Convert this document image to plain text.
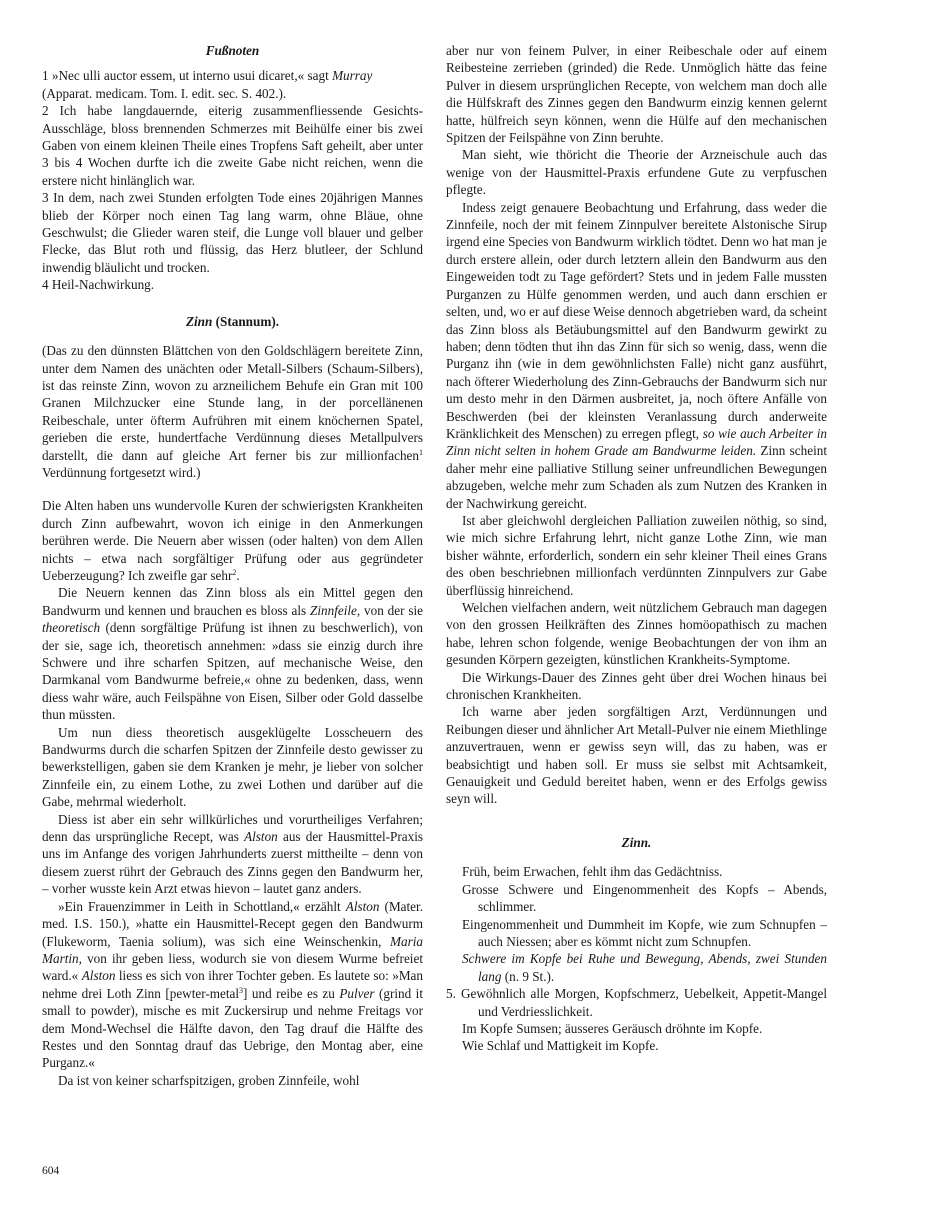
Fußnoten

1 »Nec ulli auctor essem, ut interno usui dicaret,« sagt Murray (Apparat. medicam. Tom. I. edit. sec. S. 402.).

2 Ich habe langdauernde, eiterig zusammenfliessende Gesichts-Ausschläge, bloss brennenden Schmerzes mit Beihülfe einer bis zwei Gaben von einem kleinen Theile eines Tropfens Saft geheilt, aber unter 3 bis 4 Wochen durfte ich die zweite Gabe nicht reichen, wenn die erstere nicht hinlänglich war.

3 In dem, nach zwei Stunden erfolgten Tode eines 20jährigen Mannes blieb der Körper noch einen Tag lang warm, ohne Bläue, ohne Geschwulst; die Glieder waren steif, die Lunge voll blauer und gelber Flecke, das Blut roth und flüssig, das Herz blutleer, der Schlund inwendig bläulicht und trocken.

4 Heil-Nachwirkung.

Zinn (Stannum).

(Das zu den dünnsten Blättchen von den Goldschlägern bereitete Zinn, unter dem Namen des unächten oder Metall-Silbers (Schaum-Silbers), ist das reinste Zinn, wovon zu arzneilichem Behufe ein Gran mit 100 Granen Milchzucker eine Stunde lang, in der porcellänenen Reibeschale, unter öfterm Aufrühren mit einem knöchernen Spatel, gerieben die erste, hundertfache Verdünnung dieses Metallpulvers darstellt, die dann auf gleiche Art ferner bis zur millionfachen$^1$ Verdünnung fortgesetzt wird.)

Die Alten haben uns wundervolle Kuren der schwierigsten Krankheiten durch Zinn aufbewahrt, wovon ich einige in den Anmerkungen berühren werde. Die Neuern aber wissen (oder halten) von dem Allen nichts – etwa nach sorgfältiger Prüfung oder aus gegründeter Ueberzeugung? Ich zweifle gar sehr$^2$.

Die Neuern kennen das Zinn bloss als ein Mittel gegen den Bandwurm und kennen und brauchen es bloss als Zinnfeile, von der sie theoretisch (denn sorgfältige Prüfung ist ihnen zu beschwerlich), von der sie, sage ich, theoretisch annehmen: »dass sie einzig durch ihre Schwere und ihre scharfen Spitzen, auf mechanische Weise, den Darmkanal vom Bandwurme befreie,« ohne zu bedenken, dass, wenn diess wahr wäre, auch Feilspähne von Eisen, Silber oder Gold dasselbe thun müssten.

Um nun diess theoretisch ausgeklügelte Losscheuern des Bandwurms durch die scharfen Spitzen der Zinnfeile desto gewisser zu bewerkstelligen, gaben sie dem Kranken je mehr, je lieber von solcher Zinnfeile ein, zu einem Lothe, zu zwei Lothen und darüber auf die Gabe, mehrmal wiederholt.

Diess ist aber ein sehr willkürliches und vorurtheiliges Verfahren; denn das ursprüngliche Recept, was Alston aus der Hausmittel-Praxis uns im Anfange des vorigen Jahrhunderts zuerst mittheilte – denn von diesem zuerst rührt der Gebrauch des Zinns gegen den Bandwurm her, – vorher wusste kein Arzt etwas hievon – lautet ganz anders.

»Ein Frauenzimmer in Leith in Schottland,« erzählt Alston (Mater. med. I.S. 150.), »hatte ein Hausmittel-Recept gegen den Bandwurm (Flukeworm, Taenia solium), was sich eine Weinschenkin, Maria Martin, von ihr geben liess, wodurch sie von diesem Wurme befreiet ward.« Alston liess es sich von ihrer Tochter geben. Es lautete so: »Man nehme drei Loth Zinn [pewter-metal$^3$] und reibe es zu Pulver (grind it small to powder), mische es mit Zuckersirup und nehme Freitags vor dem Mond-Wechsel die Hälfte davon, den Tag drauf die Hälfte des Restes und den Sonntag drauf das Uebrige, den Montag aber, eine Purganz.«

Da ist von keiner scharfspitzigen, groben Zinnfeile, wohl

aber nur von feinem Pulver, in einer Reibeschale oder auf einem Reibesteine zerrieben (grinded) die Rede. Unmöglich hätte das feine Pulver in diesem ursprünglichen Recepte, von welchem man doch alle die Hülfskraft des Zinnes gegen den Bandwurm einzig kennen gelernt hatte, hülfreich seyn können, wenn die Hülfe auf den mechanischen Spitzen der Feilspähne von Zinn beruhte.

Man sieht, wie thöricht die Theorie der Arzneischule auch das wenige von der Hausmittel-Praxis erfundene Gute zu verpfuschen pflegte.

Indess zeigt genauere Beobachtung und Erfahrung, dass weder die Zinnfeile, noch der mit feinem Zinnpulver bereitete Alstonische Sirup irgend eine Species von Bandwurm wirklich tödtet. Denn wo hat man je durch erstere allein, oder durch letztern allein den Bandwurm aus den Eingeweiden todt zu Tage gefördert? Stets und in jedem Falle mussten Purganzen zu Hülfe genommen werden, und auch dann erschien er selten, und, wo er auf diese Weise dennoch abgetrieben ward, da scheint das Zinn bloss als Betäubungsmittel auf den Bandwurm gewirkt zu haben; denn tödten thut ihn das Zinn für sich so wenig, dass, wenn die Purganz ihn (wie in dem gewöhnlichsten Falle) nicht ganz ausführt, nach öfterer Wiederholung des Zinn-Gebrauchs der Bandwurm sich nur um desto mehr in den Därmen ausbreitet, ja, noch öftere Anfälle von Beschwerden (bei der kleinsten Veranlassung durch anderweite Kränklichkeit des Menschen) zu erregen pflegt, so wie auch Arbeiter in Zinn nicht selten in hohem Grade am Bandwurme leiden. Zinn scheint daher mehr eine palliative Stillung seiner unfreundlichen Bewegungen abzugeben, welche mehr zum Schaden als zum Nutzen des Kranken in der Nachwirkung gereicht.

Ist aber gleichwohl dergleichen Palliation zuweilen nöthig, so sind, wie mich sichre Erfahrung lehrt, nicht ganze Lothe Zinn, wie man bisher wähnte, erforderlich, sondern ein sehr kleiner Theil eines Grans des oben beschriebnen millionfach verdünnten Zinnpulvers zur Gabe überflüssig hinreichend.

Welchen vielfachen andern, weit nützlichem Gebrauch man dagegen von den grossen Heilkräften des Zinnes homöopathisch zu machen habe, lehren schon folgende, wenige Beobachtungen der von ihm an gesunden Körpern gezeigten, künstlichen Krankheits-Symptome.

Die Wirkungs-Dauer des Zinnes geht über drei Wochen hinaus bei chronischen Krankheiten.

Ich warne aber jeden sorgfältigen Arzt, Verdünnungen und Reibungen dieser und ähnlicher Art Metall-Pulver nie einem Miethlinge anzuvertrauen, wenn er gewiss seyn will, das zu haben, was er beabsichtigt und haben soll. Er muss sie selbst mit Achtsamkeit, Genauigkeit und Geduld bereitet haben, wenn er des Erfolgs gewiss seyn will.

Zinn.

Früh, beim Erwachen, fehlt ihm das Gedächtniss.

Grosse Schwere und Eingenommenheit des Kopfs – Abends, schlimmer.

Eingenommenheit und Dummheit im Kopfe, wie zum Schnupfen – auch Niessen; aber es kömmt nicht zum Schnupfen.

Schwere im Kopfe bei Ruhe und Bewegung, Abends, zwei Stunden lang (n. 9 St.).

5. Gewöhnlich alle Morgen, Kopfschmerz, Uebelkeit, Appetit-Mangel und Verdriesslichkeit.

Im Kopfe Sumsen; äusseres Geräusch dröhnte im Kopfe.

Wie Schlaf und Mattigkeit im Kopfe.

604
